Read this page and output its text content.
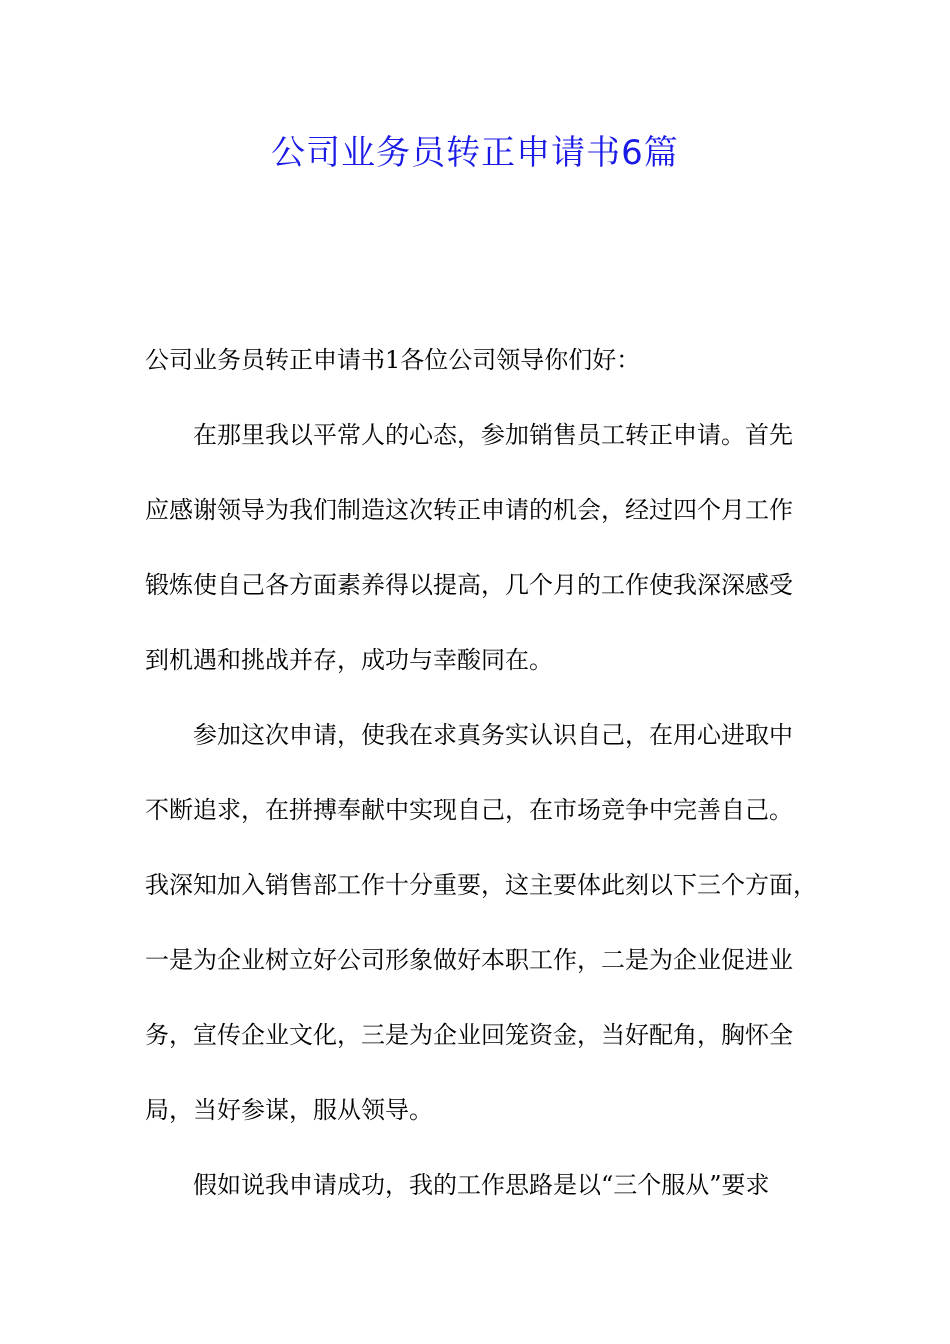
公司业务员转正申请书6篇
公司业务员转正申请书1各位公司领导你们好：
在那里我以平常人的心态，参加销售员工转正申请。首先
应感谢领导为我们制造这次转正申请的机会，经过四个月工作
锻炼使自己各方面素养得以提高，几个月的工作使我深深感受
到机遇和挑战并存，成功与幸酸同在。
参加这次申请，使我在求真务实认识自己，在用心进取中
不断追求，在拼搏奉献中实现自己，在市场竞争中完善自己。
我深知加入销售部工作十分重要，这主要体此刻以下三个方面，
一是为企业树立好公司形象做好本职工作，二是为企业促进业
务，宣传企业文化，三是为企业回笼资金，当好配角，胸怀全
局，当好参谋，服从领导。
假如说我申请成功，我的工作思路是以“三个服从”要求
